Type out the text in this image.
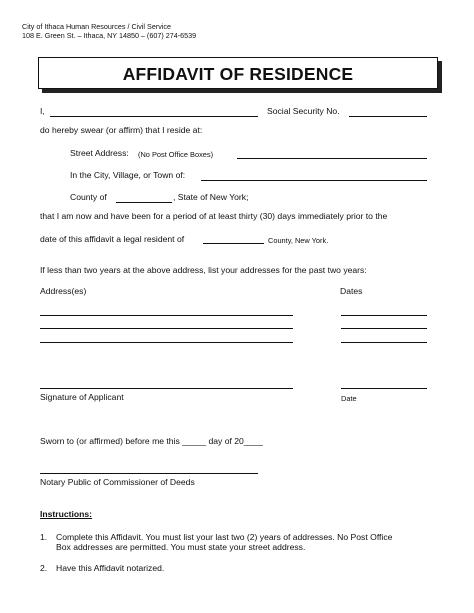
City of Ithaca Human Resources / Civil Service
108 E. Green St. – Ithaca, NY 14850 – (607) 274-6539
AFFIDAVIT OF RESIDENCE
I,	Social Security No.
do hereby swear (or affirm) that I reside at:
Street Address: (No Post Office Boxes)
In the City, Village, or Town of:
County of	, State of New York;
that I am now and have been for a period of at least thirty (30) days immediately prior to the
date of this affidavit a legal resident of	County, New York.
If less than two years at the above address, list your addresses for the past two years:
Address(es)	Dates
Signature of Applicant	Date
Sworn to (or affirmed) before me this _____ day of 20____
Notary Public of Commissioner of Deeds
Instructions:
1. Complete this Affidavit. You must list your last two (2) years of addresses. No Post Office
Box addresses are permitted. You must state your street address.
2. Have this Affidavit notarized.
